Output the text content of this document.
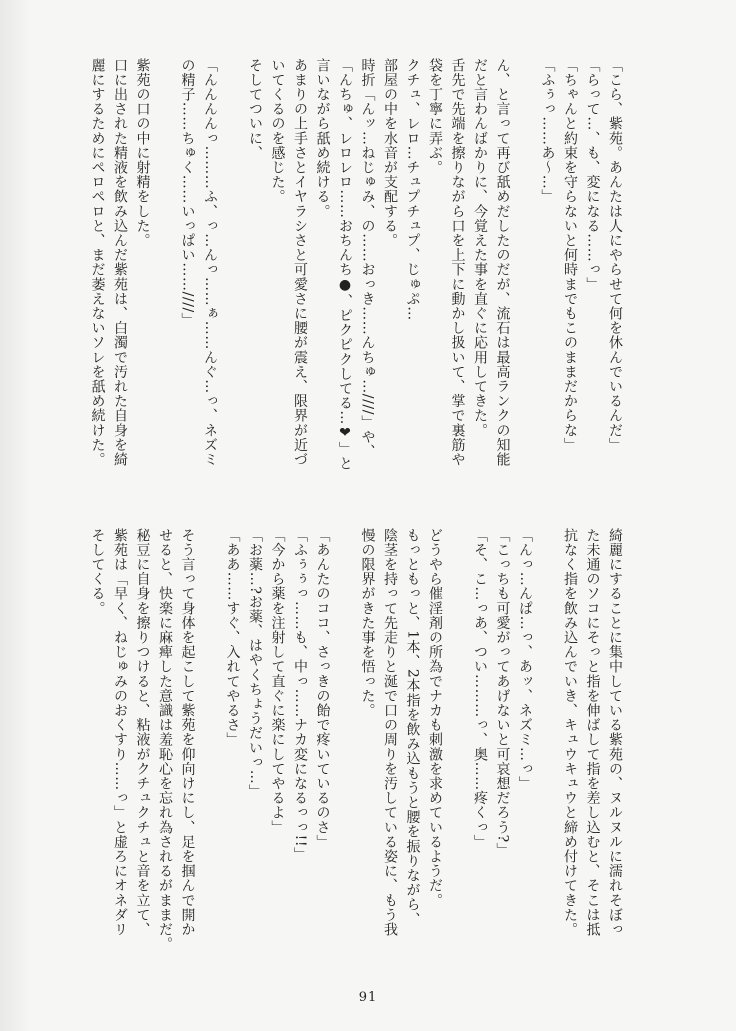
「こら、紫苑。あんたは人にやらせて何を休んでいるんだ」

「らって…、も、変になる……っ」

「ちゃんと約束を守らないと何時までもこのままだからな」

「ふぅっ……あ〜…」

ん、と言って再び舐めだしたのだが、流石は最高ランクの知能

だと言わんばかりに、今覚えた事を直ぐに応用してきた。

舌先で先端を擦りながら口を上下に動かし扱いて、掌で裏筋や

袋を丁寧に弄ぶ。

クチュ、レロ…チュプチュプ、じゅぷ…

部屋の中を水音が支配する。

時折「んッ…ねじゅみ、の……おっき……んちゅ…////」や、

「んちゅ、レロレロ……おちんち●、ピクピクしてる…❤」と

言いながら舐め続ける。

あまりの上手さとイヤラシさと可愛さに腰が震え、限界が近づ

いてくるのを感じた。

そしてついに、

「んんんんっ………ふ、っ…んっ……ぁ……んぐ…っ、ネズミ

の精子……ちゅく……いっぱい……////」

紫苑の口の中に射精をした。

口に出された精液を飲み込んだ紫苑は、白濁で汚れた自身を綺

麗にするためにペロペロと、まだ萎えないソレを舐め続けた。

綺麗にすることに集中している紫苑の、ヌルヌルに濡れそぼっ

た未通のソコにそっと指を伸ばして指を差し込むと、そこは抵

抗なく指を飲み込んでいき、キュウキュウと締め付けてきた。

「んっ…んぱ…っ、あッ、ネズミ…っ」

「こっちも可愛がってあげないと可哀想だろう?」

「そ、こ…っあ、つい………っ、奥……疼くっ」

どうやら催淫剤の所為でナカも刺激を求めているようだ。

もっともっと、1本、2本指を飲み込もうと腰を振りながら、

陰茎を持って先走りと涎で口の周りを汚している姿に、もう我

慢の限界がきた事を悟った。

「あんたのココ、さっきの飴で疼いているのさ」

「ふぅぅっ……も、中っ……ナカ変になるっっ!!」

「今から薬を注射して直ぐに楽にしてやるよ」

「お薬…?お薬、はやくちょうだいっ…」

「ああ……すぐ、入れてやるさ」

そう言って身体を起こして紫苑を仰向けにし、足を掴んで開か

せると、快楽に麻痺した意識は羞恥心を忘れ為されるがままだ。

秘豆に自身を擦りつけると、粘液がクチュクチュと音を立て、

紫苑は「早く、ねじゅみのおくすり……っ」と虚ろにオネダリ

そしてくる。

91
